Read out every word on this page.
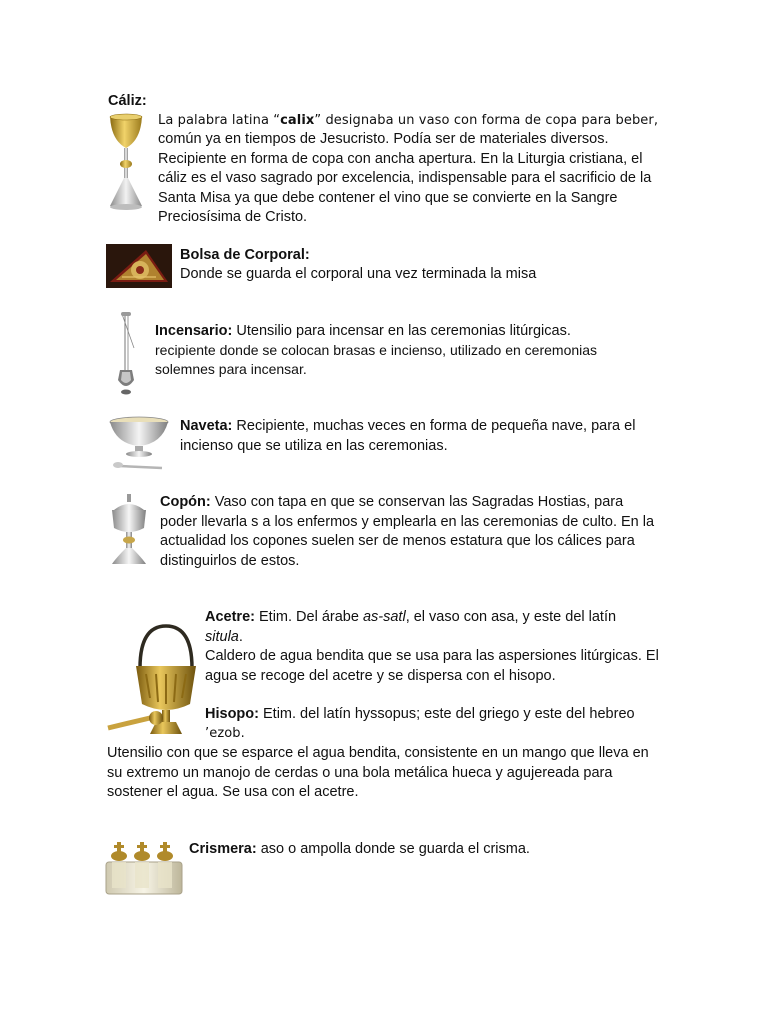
Cáliz:
La palabra latina “calix” designaba un vaso con forma de copa para beber,
común ya en tiempos de Jesucristo. Podía ser de materiales diversos. Recipiente en forma de copa con ancha apertura. En la Liturgia cristiana, el cáliz es el vaso sagrado por excelencia, indispensable para el sacrificio de la Santa Misa ya que debe contener el vino que se convierte en la Sangre Preciosísima de Cristo.
Bolsa de Corporal:
Donde se guarda el corporal una vez terminada la misa
Incensario: Utensilio para incensar en las ceremonias litúrgicas.
recipiente donde se colocan brasas e incienso, utilizado en ceremonias solemnes para incensar.
Naveta: Recipiente, muchas veces en forma de pequeña nave, para el incienso que se utiliza en las ceremonias.
Copón: Vaso con tapa en que se conservan las Sagradas Hostias, para poder llevarla s a los enfermos y emplearla en las ceremonias de culto. En la actualidad los copones suelen ser de menos estatura que los cálices para distinguirlos de estos.
Acetre: Etim. Del árabe as-satl, el vaso con asa, y este del latín
situla.
Caldero de agua bendita que se usa para las aspersiones litúrgicas. El agua se recoge del acetre y se dispersa con el hisopo.
Hisopo: Etim. del latín hyssopus; este del griego y este del hebreo
’ezob.
Utensilio con que se esparce el agua bendita, consistente en un mango que lleva en su extremo un manojo de cerdas o una bola metálica hueca y agujereada para sostener el agua. Se usa con el acetre.
Crismera: aso o ampolla donde se guarda el crisma.
